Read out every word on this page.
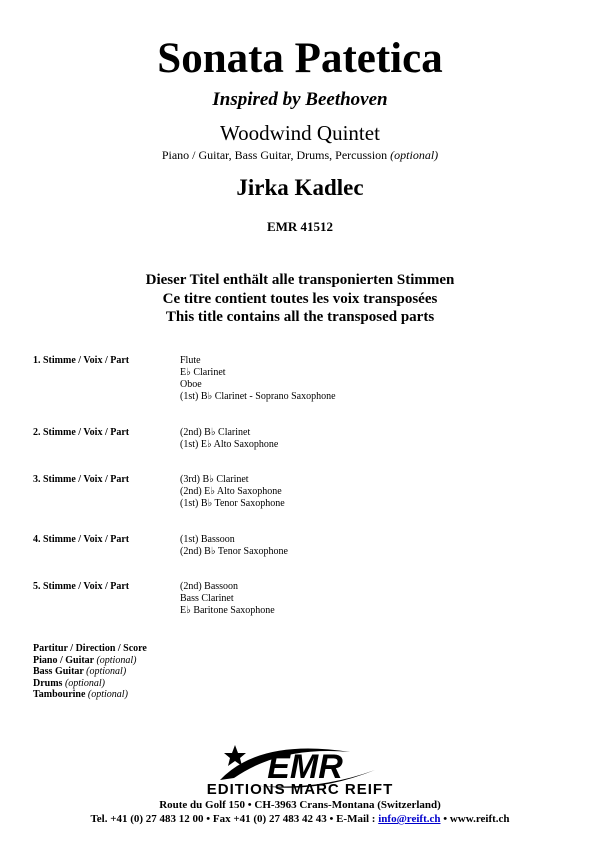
Sonata Patetica
Inspired by Beethoven
Woodwind Quintet
Piano / Guitar, Bass Guitar, Drums, Percussion (optional)
Jirka Kadlec
EMR 41512
Dieser Titel enthält alle transponierten Stimmen
Ce titre contient toutes les voix transposées
This title contains all the transposed parts
1. Stimme / Voix / Part	Flute
E♭ Clarinet
Oboe
(1st) B♭ Clarinet - Soprano Saxophone
2. Stimme / Voix / Part	(2nd) B♭ Clarinet
(1st) E♭ Alto Saxophone
3. Stimme / Voix / Part	(3rd) B♭ Clarinet
(2nd) E♭ Alto Saxophone
(1st) B♭ Tenor Saxophone
4. Stimme / Voix / Part	(1st) Bassoon
(2nd) B♭ Tenor Saxophone
5. Stimme / Voix / Part	(2nd) Bassoon
Bass Clarinet
E♭ Baritone Saxophone
Partitur / Direction / Score
Piano / Guitar (optional)
Bass Guitar (optional)
Drums (optional)
Tambourine (optional)
EMR
EDITIONS MARC REIFT
Route du Golf 150 • CH-3963 Crans-Montana (Switzerland)
Tel. +41 (0) 27 483 12 00 • Fax +41 (0) 27 483 42 43 • E-Mail : info@reift.ch • www.reift.ch
